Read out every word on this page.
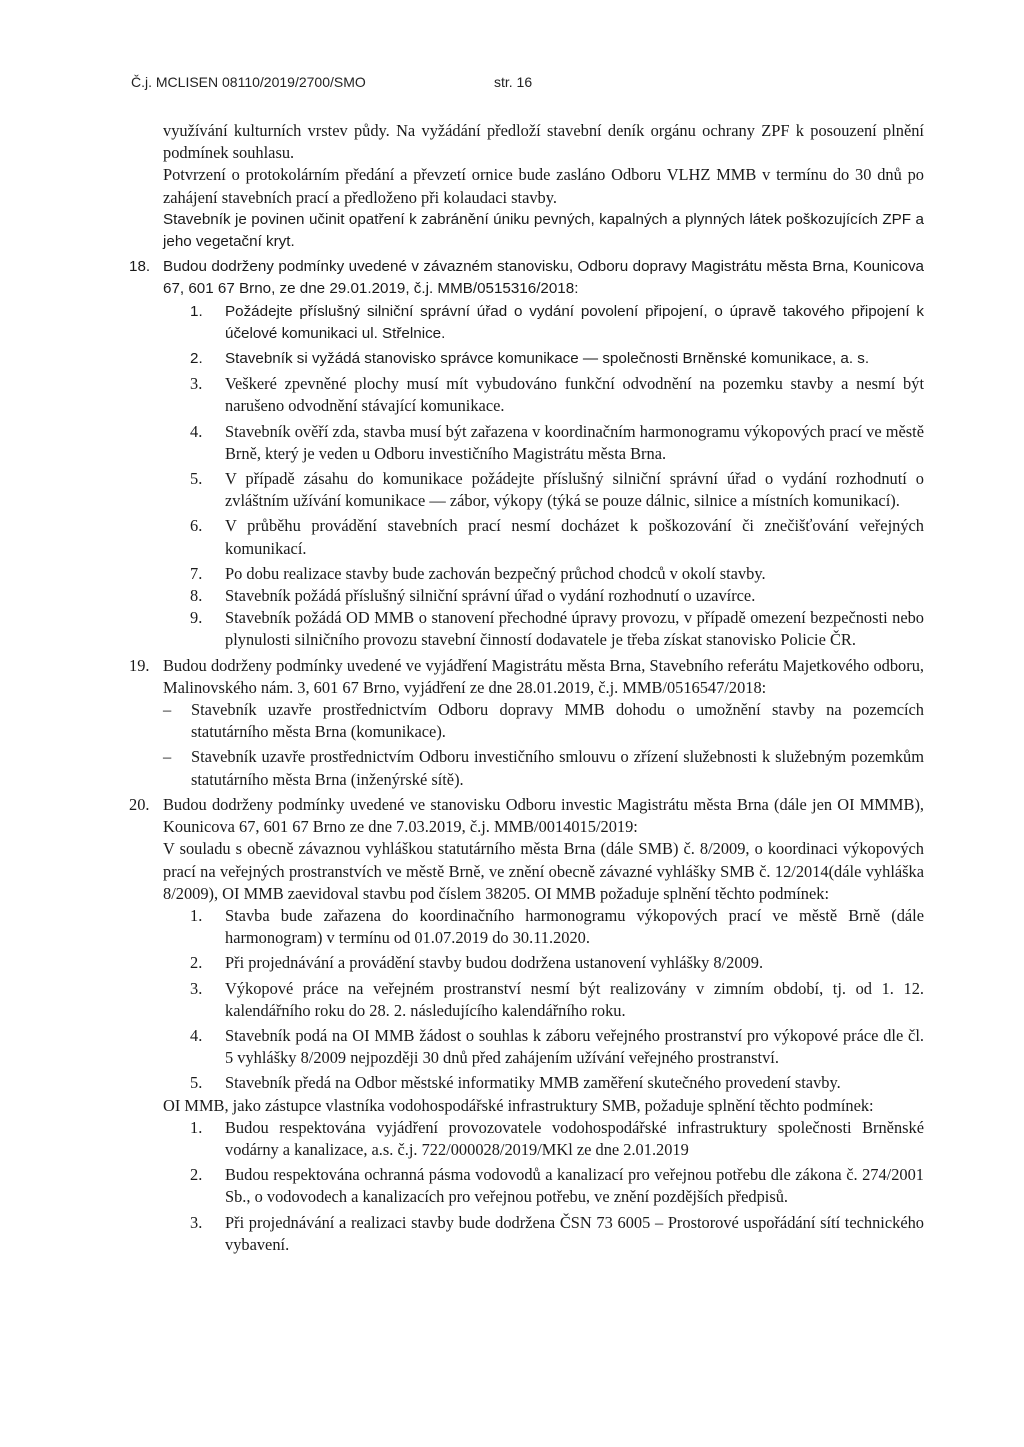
Č.j. MCLISEN 08110/2019/2700/SMO	str. 16

využívání kulturních vrstev půdy. Na vyžádání předloží stavební deník orgánu ochrany ZPF k posouzení plnění podmínek souhlasu.

Potvrzení o protokolárním předání a převzetí ornice bude zasláno Odboru VLHZ MMB v termínu do 30 dnů po zahájení stavebních prací a předloženo při kolaudaci stavby.

Stavebník je povinen učinit opatření k zabránění úniku pevných, kapalných a plynných látek poškozujících ZPF a jeho vegetační kryt.

18. Budou dodrženy podmínky uvedené v závazném stanovisku, Odboru dopravy Magistrátu města Brna, Kounicova 67, 601 67 Brno, ze dne 29.01.2019, č.j. MMB/0515316/2018:
1. Požádejte příslušný silniční správní úřad o vydání povolení připojení, o úpravě takového připojení k účelové komunikaci ul. Střelnice.
2. Stavebník si vyžádá stanovisko správce komunikace — společnosti Brněnské komunikace, a. s.
3. Veškeré zpevněné plochy musí mít vybudováno funkční odvodnění na pozemku stavby a nesmí být narušeno odvodnění stávající komunikace.
4. Stavebník ověří zda, stavba musí být zařazena v koordinačním harmonogramu výkopových prací ve městě Brně, který je veden u Odboru investičního Magistrátu města Brna.
5. V případě zásahu do komunikace požádejte příslušný silniční správní úřad o vydání rozhodnutí o zvláštním užívání komunikace — zábor, výkopy (týká se pouze dálnic, silnice a místních komunikací).
6. V průběhu provádění stavebních prací nesmí docházet k poškozování či znečišťování veřejných komunikací.
7. Po dobu realizace stavby bude zachován bezpečný průchod chodců v okolí stavby.
8. Stavebník požádá příslušný silniční správní úřad o vydání rozhodnutí o uzavírce.
9. Stavebník požádá OD MMB o stanovení přechodné úpravy provozu, v případě omezení bezpečnosti nebo plynulosti silničního provozu stavební činností dodavatele je třeba získat stanovisko Policie ČR.
19. Budou dodrženy podmínky uvedené ve vyjádření Magistrátu města Brna, Stavebního referátu Majetkového odboru, Malinovského nám. 3, 601 67 Brno, vyjádření ze dne 28.01.2019, č.j. MMB/0516547/2018:
– Stavebník uzavře prostřednictvím Odboru dopravy MMB dohodu o umožnění stavby na pozemcích statutárního města Brna (komunikace).
– Stavebník uzavře prostřednictvím Odboru investičního smlouvu o zřízení služebnosti k služebným pozemkům statutárního města Brna (inženýrské sítě).
20. Budou dodrženy podmínky uvedené ve stanovisku Odboru investic Magistrátu města Brna (dále jen OI MMMB), Kounicova 67, 601 67 Brno ze dne 7.03.2019, č.j. MMB/0014015/2019:

V souladu s obecně závaznou vyhláškou statutárního města Brna (dále SMB) č. 8/2009, o koordinaci výkopových prací na veřejných prostranstvích ve městě Brně, ve znění obecně závazné vyhlášky SMB č. 12/2014(dále vyhláška 8/2009), OI MMB zaevidoval stavbu pod číslem 38205. OI MMB požaduje splnění těchto podmínek:

1. Stavba bude zařazena do koordinačního harmonogramu výkopových prací ve městě Brně (dále harmonogram) v termínu od 01.07.2019 do 30.11.2020.
2. Při projednávání a provádění stavby budou dodržena ustanovení vyhlášky 8/2009.
3. Výkopové práce na veřejném prostranství nesmí být realizovány v zimním období, tj. od 1. 12. kalendářního roku do 28. 2. následujícího kalendářního roku.
4. Stavebník podá na OI MMB žádost o souhlas k záboru veřejného prostranství pro výkopové práce dle čl. 5 vyhlášky 8/2009 nejpozději 30 dnů před zahájením užívání veřejného prostranství.
5. Stavebník předá na Odbor městské informatiky MMB zaměření skutečného provedení stavby.

OI MMB, jako zástupce vlastníka vodohospodářské infrastruktury SMB, požaduje splnění těchto podmínek:

1. Budou respektována vyjádření provozovatele vodohospodářské infrastruktury společnosti Brněnské vodárny a kanalizace, a.s. č.j. 722/000028/2019/MKl ze dne 2.01.2019
2. Budou respektována ochranná pásma vodovodů a kanalizací pro veřejnou potřebu dle zákona č. 274/2001 Sb., o vodovodech a kanalizacích pro veřejnou potřebu, ve znění pozdějších předpisů.
3. Při projednávání a realizaci stavby bude dodržena ČSN 73 6005 – Prostorové uspořádání sítí technického vybavení.
